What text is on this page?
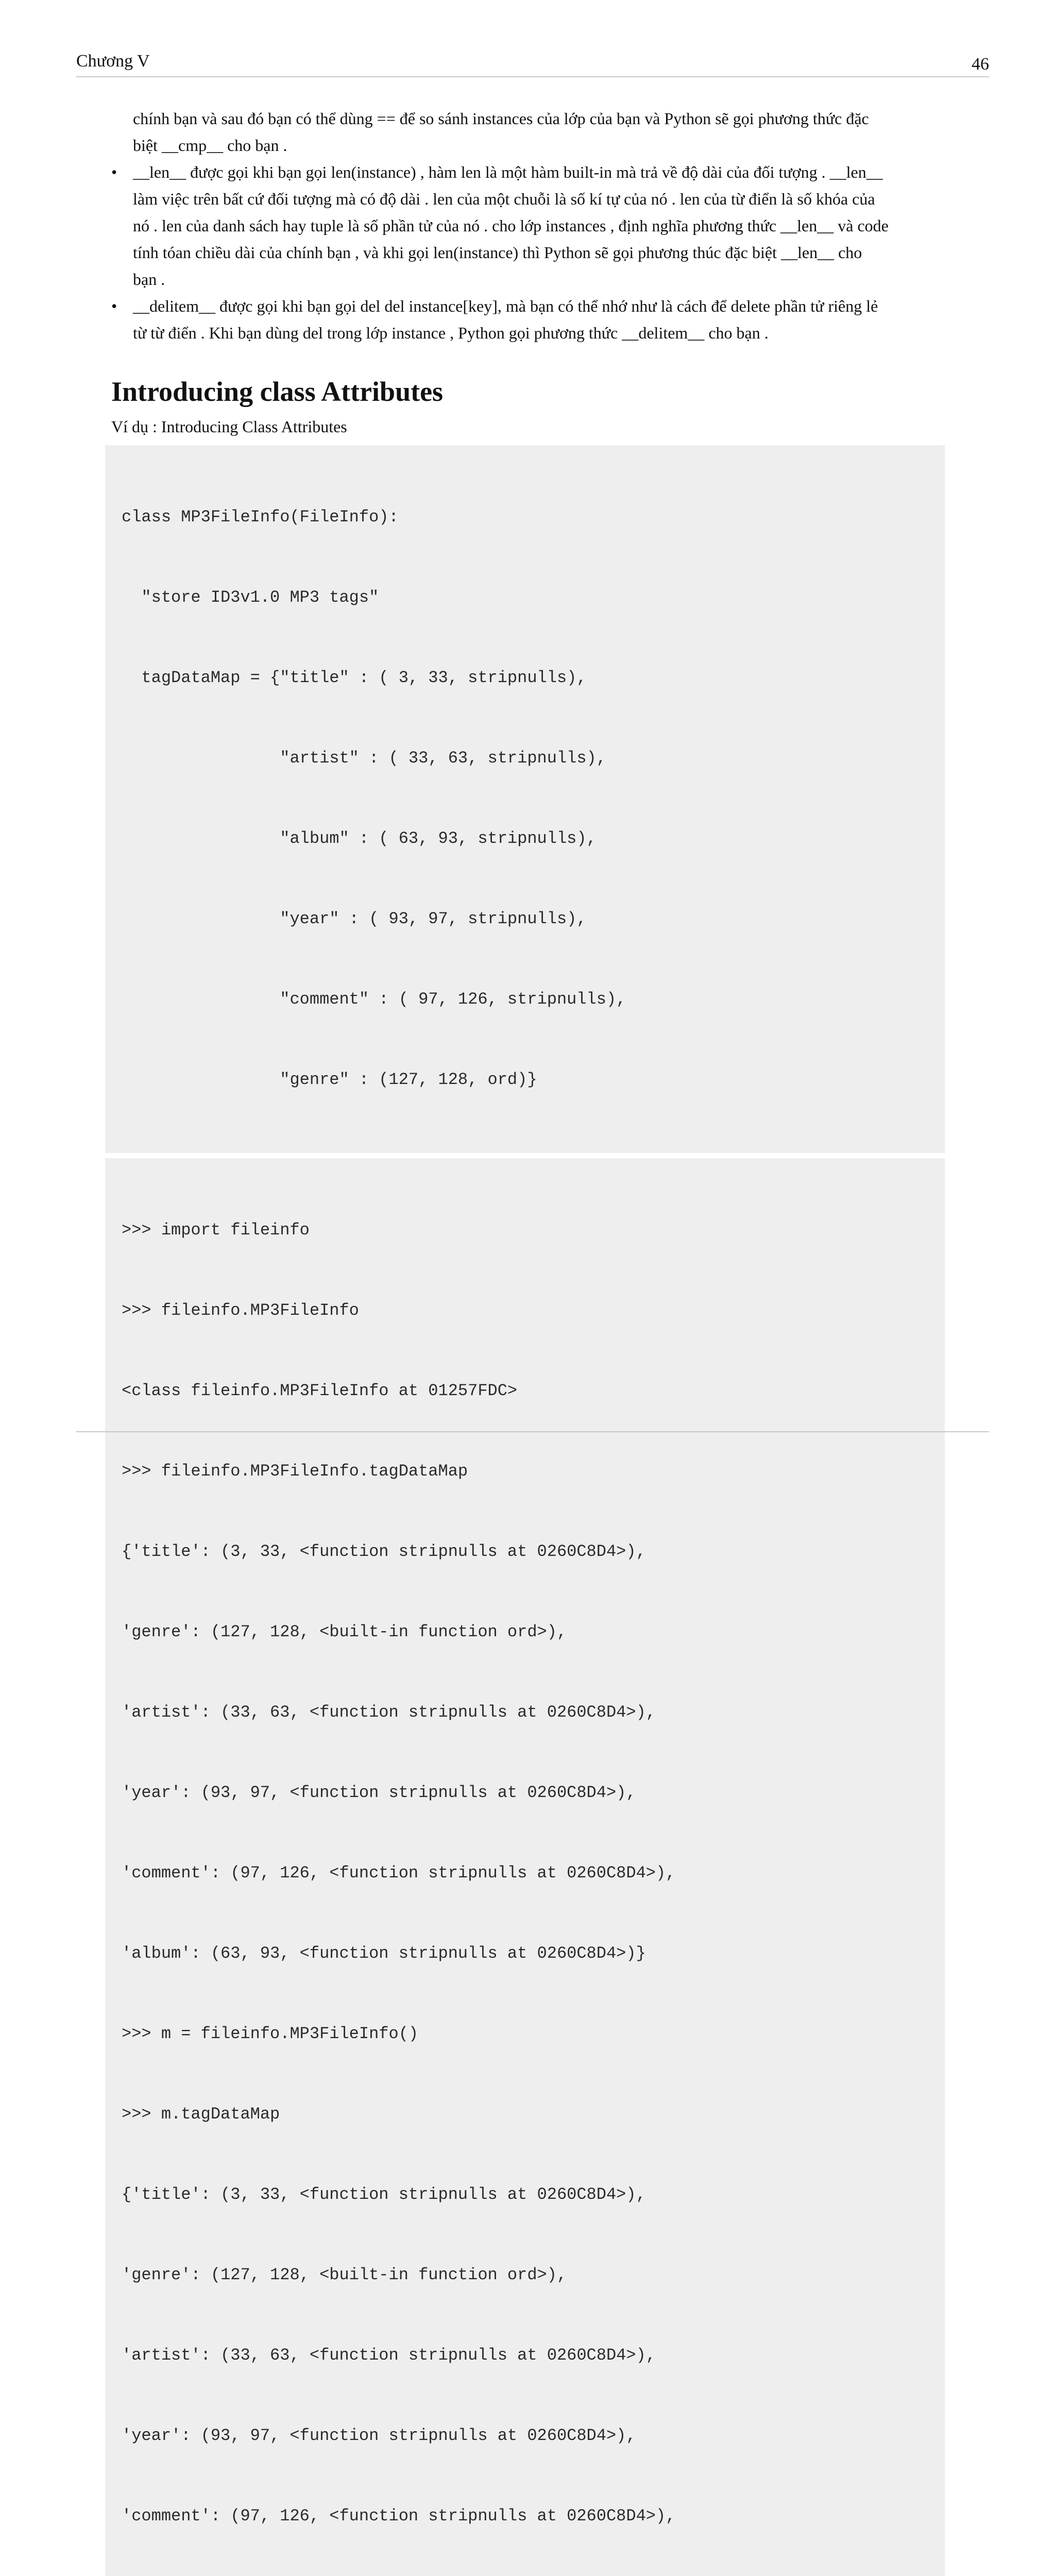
Chương V	46
chính bạn và sau đó bạn có thể dùng == để so sánh instances của lớp của bạn và Python sẽ gọi phương thức đặc
biệt __cmp__ cho bạn .
• __len__ được gọi khi bạn gọi len(instance) , hàm len là một hàm built-in mà trả về độ dài của đối tượng . __len__
làm việc trên bất cứ đối tượng mà có độ dài . len của một chuỗi là số kí tự của nó . len của từ điển là số khóa của
nó . len của danh sách hay tuple là số phần tử của nó . cho lớp instances , định nghĩa phương thức __len__ và code
tính tóan chiều dài của chính bạn , và khi gọi len(instance) thì Python sẽ gọi phương thúc đặc biệt __len__ cho
bạn .
• __delitem__ được gọi khi bạn gọi del del instance[key], mà bạn có thể nhớ như là cách để delete phần tử riêng lẻ
từ từ điển . Khi bạn dùng del trong lớp instance , Python gọi phương thức __delitem__ cho bạn .
Introducing class Attributes
Ví dụ : Introducing Class Attributes

class MP3FileInfo(FileInfo):

"store ID3v1.0 MP3 tags"

tagDataMap = {"title" : ( 3, 33, stripnulls),

"artist" : ( 33, 63, stripnulls),

"album" : ( 63, 93, stripnulls),

"year" : ( 93, 97, stripnulls),

"comment" : ( 97, 126, stripnulls),

"genre" : (127, 128, ord)}

>>> import fileinfo

>>> fileinfo.MP3FileInfo

<class fileinfo.MP3FileInfo at 01257FDC>

>>> fileinfo.MP3FileInfo.tagDataMap

{'title': (3, 33, <function stripnulls at 0260C8D4>),

'genre': (127, 128, <built-in function ord>),

'artist': (33, 63, <function stripnulls at 0260C8D4>),

'year': (93, 97, <function stripnulls at 0260C8D4>),

'comment': (97, 126, <function stripnulls at 0260C8D4>),

'album': (63, 93, <function stripnulls at 0260C8D4>)}

>>> m = fileinfo.MP3FileInfo()

>>> m.tagDataMap

{'title': (3, 33, <function stripnulls at 0260C8D4>),

'genre': (127, 128, <built-in function ord>),

'artist': (33, 63, <function stripnulls at 0260C8D4>),

'year': (93, 97, <function stripnulls at 0260C8D4>),

'comment': (97, 126, <function stripnulls at 0260C8D4>),
